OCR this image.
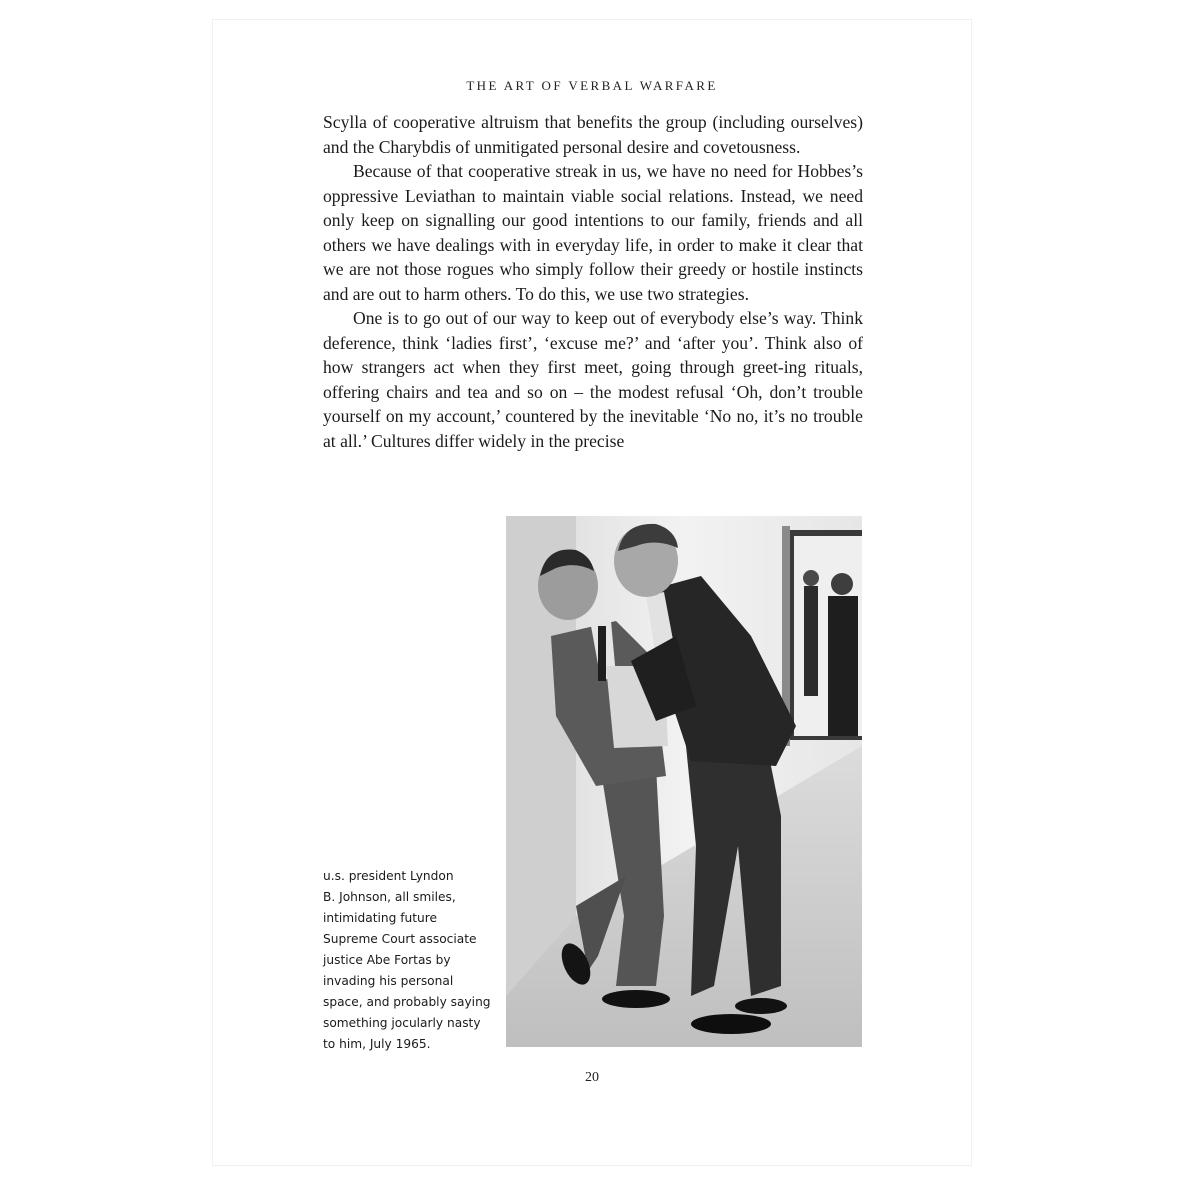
THE ART OF VERBAL WARFARE

Scylla of cooperative altruism that benefits the group (including ourselves) and the Charybdis of unmitigated personal desire and covetousness.

Because of that cooperative streak in us, we have no need for Hobbes’s oppressive Leviathan to maintain viable social relations. Instead, we need only keep on signalling our good intentions to our family, friends and all others we have dealings with in everyday life, in order to make it clear that we are not those rogues who simply follow their greedy or hostile instincts and are out to harm others. To do this, we use two strategies.

One is to go out of our way to keep out of everybody else’s way. Think deference, think ‘ladies first’, ‘excuse me?’ and ‘after you’. Think also of how strangers act when they first meet, going through greet-ing rituals, offering chairs and tea and so on – the modest refusal ‘Oh, don’t trouble yourself on my account,’ countered by the inevitable ‘No no, it’s no trouble at all.’ Cultures differ widely in the precise

u.s. president Lyndon
B. Johnson, all smiles,
intimidating future
Supreme Court associate
justice Abe Fortas by
invading his personal
space, and probably saying
something jocularly nasty
to him, July 1965.
20
